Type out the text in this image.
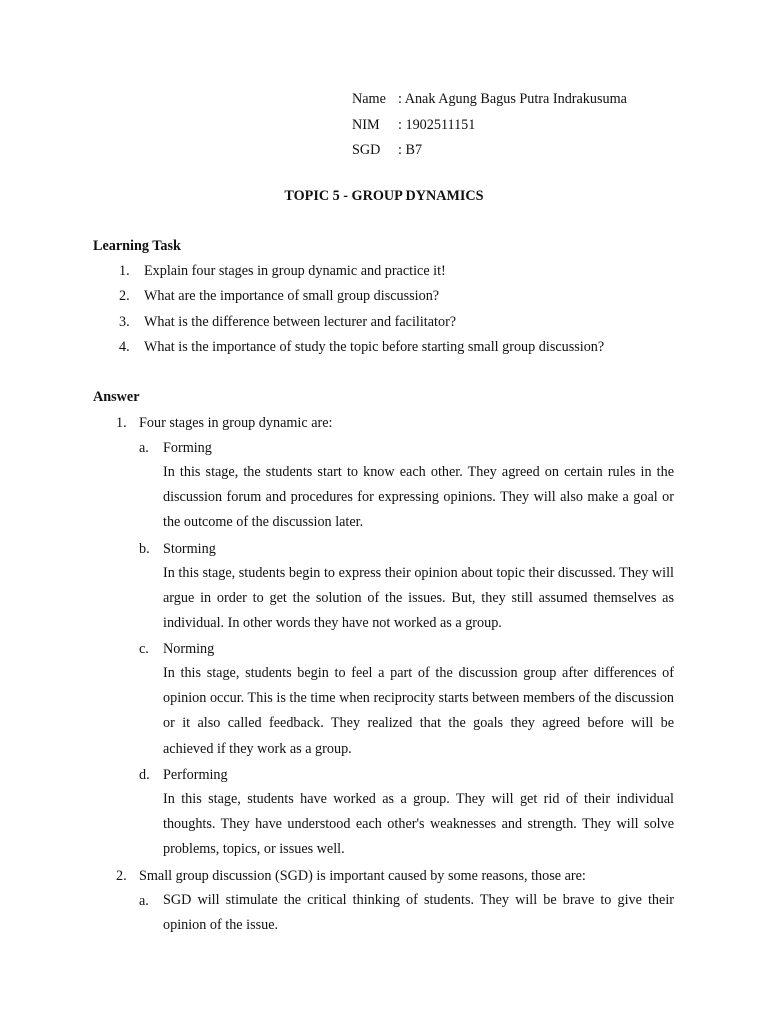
Name : Anak Agung Bagus Putra Indrakusuma
NIM : 1902511151
SGD : B7
TOPIC 5 - GROUP DYNAMICS
Learning Task
1. Explain four stages in group dynamic and practice it!
2. What are the importance of small group discussion?
3. What is the difference between lecturer and facilitator?
4. What is the importance of study the topic before starting small group discussion?
Answer
1. Four stages in group dynamic are:
a. Forming
In this stage, the students start to know each other. They agreed on certain rules in the discussion forum and procedures for expressing opinions. They will also make a goal or the outcome of the discussion later.
b. Storming
In this stage, students begin to express their opinion about topic their discussed. They will argue in order to get the solution of the issues. But, they still assumed themselves as individual. In other words they have not worked as a group.
c. Norming
In this stage, students begin to feel a part of the discussion group after differences of opinion occur. This is the time when reciprocity starts between members of the discussion or it also called feedback. They realized that the goals they agreed before will be achieved if they work as a group.
d. Performing
In this stage, students have worked as a group. They will get rid of their individual thoughts. They have understood each other's weaknesses and strength. They will solve problems, topics, or issues well.
2. Small group discussion (SGD) is important caused by some reasons, those are:
a. SGD will stimulate the critical thinking of students. They will be brave to give their opinion of the issue.
